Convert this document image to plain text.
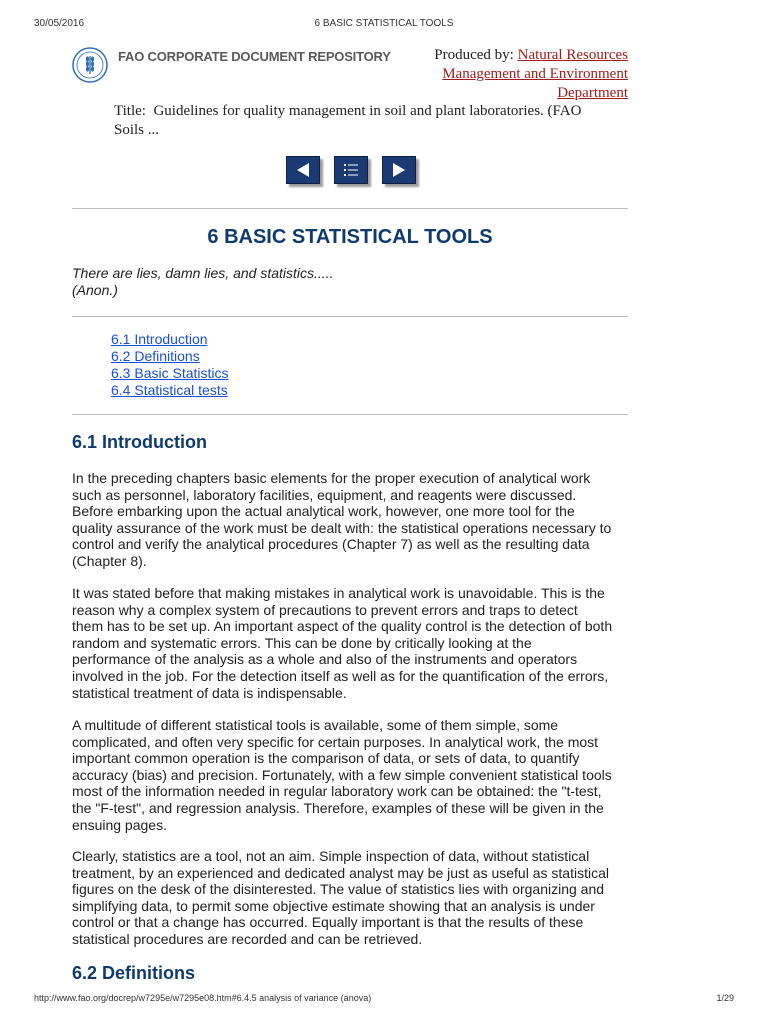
30/05/2016	6 BASIC STATISTICAL TOOLS
FAO CORPORATE DOCUMENT REPOSITORY	Produced by: Natural Resources
Management and Environment
Department
Title: Guidelines for quality management in soil and plant laboratories. (FAO
Soils ...
6 BASIC STATISTICAL TOOLS
There are lies, damn lies, and statistics.....
(Anon.)
6.1 Introduction
6.2 Definitions
6.3 Basic Statistics
6.4 Statistical tests
6.1 Introduction
In the preceding chapters basic elements for the proper execution of analytical work
such as personnel, laboratory facilities, equipment, and reagents were discussed.
Before embarking upon the actual analytical work, however, one more tool for the
quality assurance of the work must be dealt with: the statistical operations necessary to
control and verify the analytical procedures (Chapter 7) as well as the resulting data
(Chapter 8).
It was stated before that making mistakes in analytical work is unavoidable. This is the
reason why a complex system of precautions to prevent errors and traps to detect
them has to be set up. An important aspect of the quality control is the detection of both
random and systematic errors. This can be done by critically looking at the
performance of the analysis as a whole and also of the instruments and operators
involved in the job. For the detection itself as well as for the quantification of the errors,
statistical treatment of data is indispensable.
A multitude of different statistical tools is available, some of them simple, some
complicated, and often very specific for certain purposes. In analytical work, the most
important common operation is the comparison of data, or sets of data, to quantify
accuracy (bias) and precision. Fortunately, with a few simple convenient statistical tools
most of the information needed in regular laboratory work can be obtained: the "t-test,
the "F-test", and regression analysis. Therefore, examples of these will be given in the
ensuing pages.
Clearly, statistics are a tool, not an aim. Simple inspection of data, without statistical
treatment, by an experienced and dedicated analyst may be just as useful as statistical
figures on the desk of the disinterested. The value of statistics lies with organizing and
simplifying data, to permit some objective estimate showing that an analysis is under
control or that a change has occurred. Equally important is that the results of these
statistical procedures are recorded and can be retrieved.
6.2 Definitions
http://www.fao.org/docrep/w7295e/w7295e08.htm#6.4.5 analysis of variance (anova)	1/29
